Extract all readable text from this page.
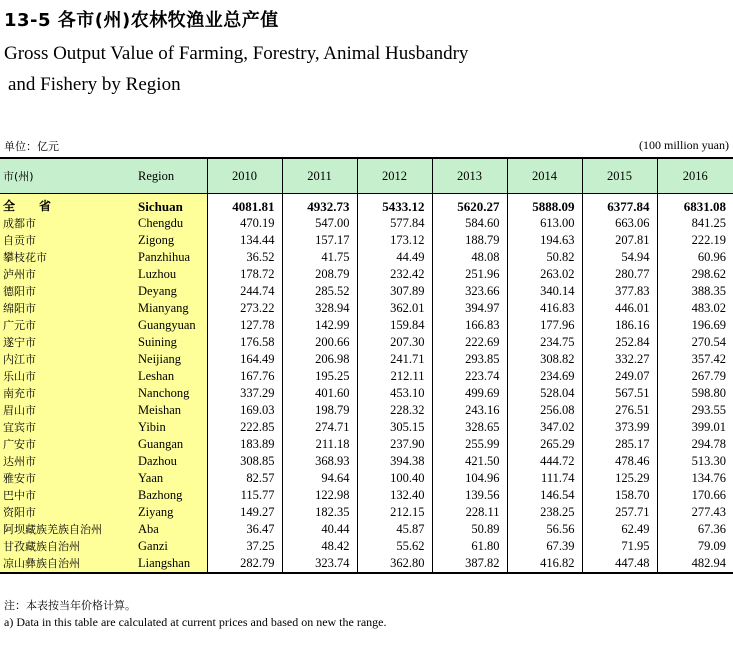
13-5 各市(州)农林牧渔业总产值
Gross Output Value of Farming, Forestry, Animal Husbandry
and Fishery by Region
单位：亿元	(100 million yuan)
市(州)	Region	2010	2011	2012	2013	2014	2015	2016
全　省	Sichuan	4081.81	4932.73	5433.12	5620.27	5888.09	6377.84	6831.08
成都市	Chengdu	470.19	547.00	577.84	584.60	613.00	663.06	841.25
自贡市	Zigong	134.44	157.17	173.12	188.79	194.63	207.81	222.19
攀枝花市	Panzhihua	36.52	41.75	44.49	48.08	50.82	54.94	60.96
泸州市	Luzhou	178.72	208.79	232.42	251.96	263.02	280.77	298.62
德阳市	Deyang	244.74	285.52	307.89	323.66	340.14	377.83	388.35
绵阳市	Mianyang	273.22	328.94	362.01	394.97	416.83	446.01	483.02
广元市	Guangyuan	127.78	142.99	159.84	166.83	177.96	186.16	196.69
遂宁市	Suining	176.58	200.66	207.30	222.69	234.75	252.84	270.54
内江市	Neijiang	164.49	206.98	241.71	293.85	308.82	332.27	357.42
乐山市	Leshan	167.76	195.25	212.11	223.74	234.69	249.07	267.79
南充市	Nanchong	337.29	401.60	453.10	499.69	528.04	567.51	598.80
眉山市	Meishan	169.03	198.79	228.32	243.16	256.08	276.51	293.55
宜宾市	Yibin	222.85	274.71	305.15	328.65	347.02	373.99	399.01
广安市	Guangan	183.89	211.18	237.90	255.99	265.29	285.17	294.78
达州市	Dazhou	308.85	368.93	394.38	421.50	444.72	478.46	513.30
雅安市	Yaan	82.57	94.64	100.40	104.96	111.74	125.29	134.76
巴中市	Bazhong	115.77	122.98	132.40	139.56	146.54	158.70	170.66
资阳市	Ziyang	149.27	182.35	212.15	228.11	238.25	257.71	277.43
阿坝藏族羌族自治州	Aba	36.47	40.44	45.87	50.89	56.56	62.49	67.36
甘孜藏族自治州	Ganzi	37.25	48.42	55.62	61.80	67.39	71.95	79.09
凉山彝族自治州	Liangshan	282.79	323.74	362.80	387.82	416.82	447.48	482.94
注：本表按当年价格计算。
a) Data in this table are calculated at current prices and based on new the range.
